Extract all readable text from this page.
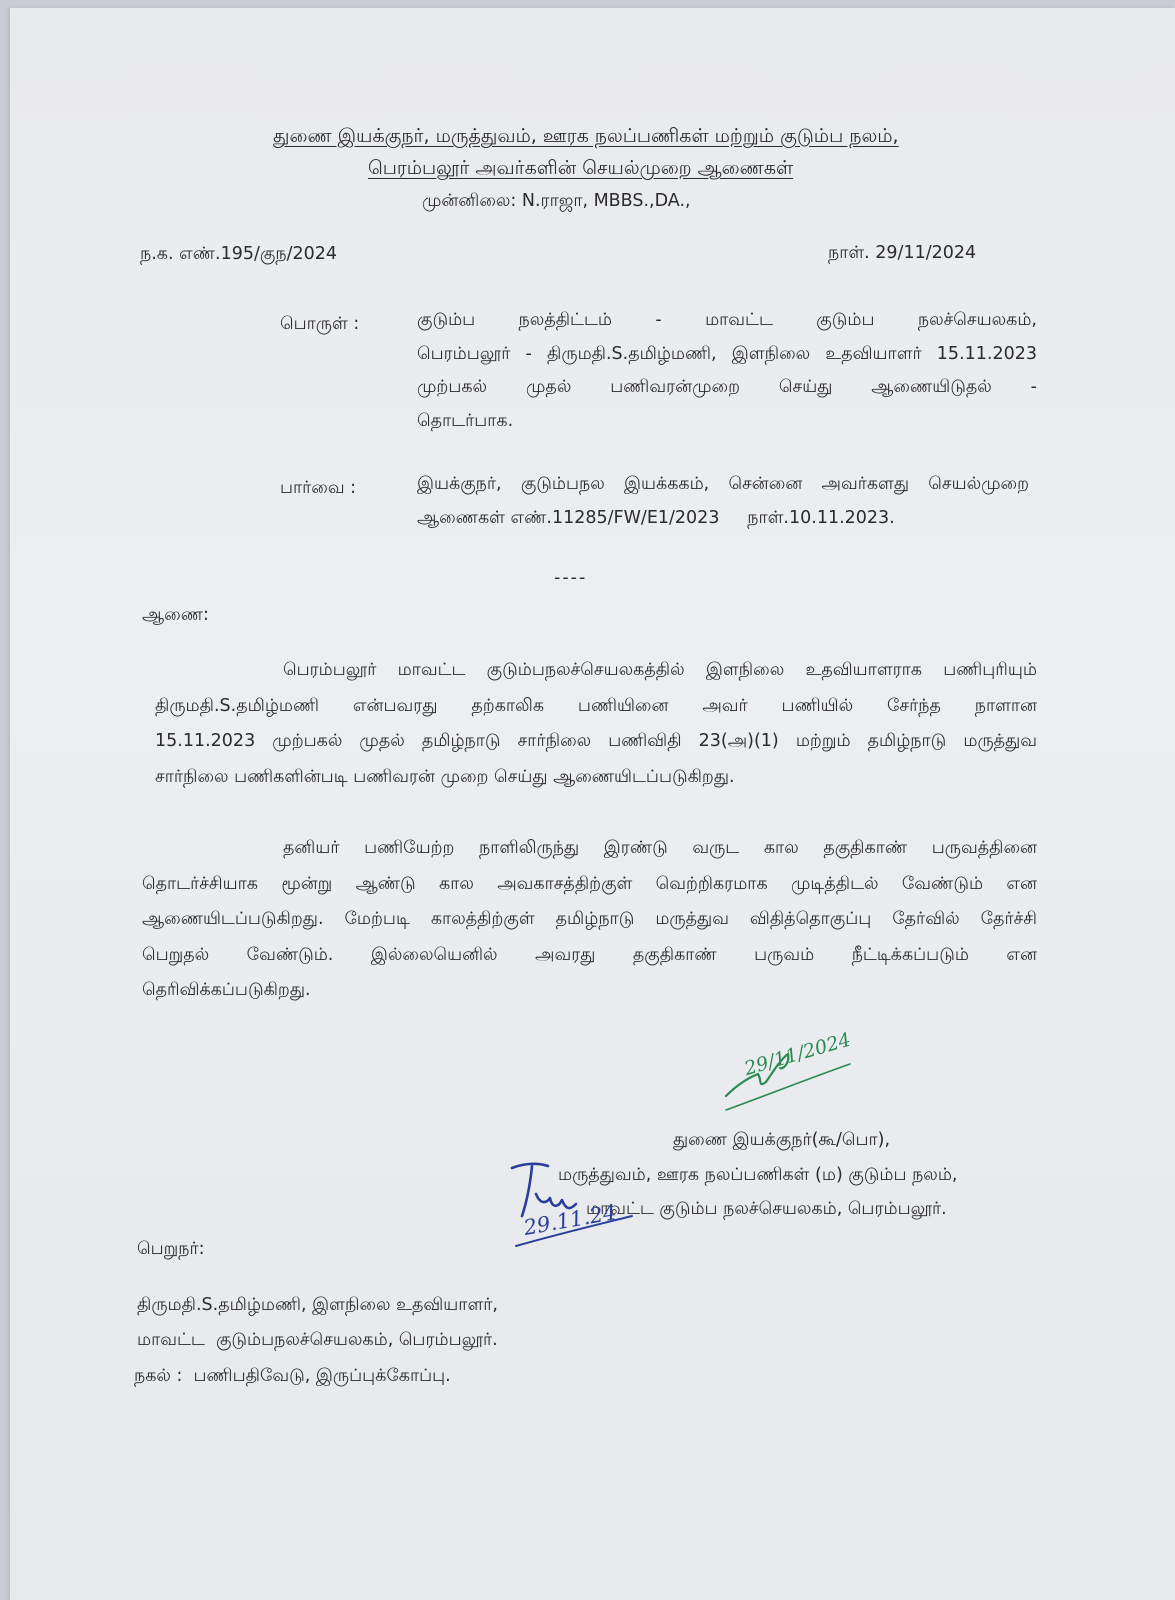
துணை இயக்குநர், மருத்துவம், ஊரக நலப்பணிகள் மற்றும் குடும்ப நலம்,
பெரம்பலூர் அவர்களின் செயல்முறை ஆணைகள்
முன்னிலை: N.ராஜா, MBBS.,DA.,
ந.க. எண்.195/குந/2024	நாள். 29/11/2024
பொருள் :	குடும்ப நலத்திட்டம் - மாவட்ட குடும்ப நலச்செயலகம்,
பெரம்பலூர் - திருமதி.S.தமிழ்மணி, இளநிலை உதவியாளர் 15.11.2023
முற்பகல் முதல் பணிவரன்முறை செய்து ஆணையிடுதல் -
தொடர்பாக.
பார்வை :	இயக்குநர், குடும்பநல இயக்ககம், சென்னை அவர்களது செயல்முறை
ஆணைகள் எண்.11285/FW/E1/2023     நாள்.10.11.2023.
----
ஆணை:
பெரம்பலூர் மாவட்ட குடும்பநலச்செயலகத்தில் இளநிலை உதவியாளராக பணிபுரியும்
திருமதி.S.தமிழ்மணி என்பவரது தற்காலிக பணியினை அவர் பணியில் சேர்ந்த நாளான
15.11.2023 முற்பகல் முதல் தமிழ்நாடு சார்நிலை பணிவிதி 23(அ)(1) மற்றும் தமிழ்நாடு மருத்துவ
சார்நிலை பணிகளின்படி பணிவரன் முறை செய்து ஆணையிடப்படுகிறது.
தனியர் பணியேற்ற நாளிலிருந்து இரண்டு வருட கால தகுதிகாண் பருவத்தினை
தொடர்ச்சியாக மூன்று ஆண்டு கால அவகாசத்திற்குள் வெற்றிகரமாக முடித்திடல் வேண்டும் என
ஆணையிடப்படுகிறது. மேற்படி காலத்திற்குள் தமிழ்நாடு மருத்துவ விதித்தொகுப்பு தேர்வில் தேர்ச்சி
பெறுதல் வேண்டும். இல்லையெனில் அவரது தகுதிகாண் பருவம் நீட்டிக்கப்படும் என
தெரிவிக்கப்படுகிறது.
29/11/2024
துணை இயக்குநர்(கூ/பொ),
மருத்துவம், ஊரக நலப்பணிகள் (ம) குடும்ப நலம்,
மாவட்ட குடும்ப நலச்செயலகம், பெரம்பலூர்.
29.11.24
பெறுநர்:
திருமதி.S.தமிழ்மணி, இளநிலை உதவியாளர்,
மாவட்ட  குடும்பநலச்செயலகம், பெரம்பலூர்.
நகல் :  பணிபதிவேடு, இருப்புக்கோப்பு.
